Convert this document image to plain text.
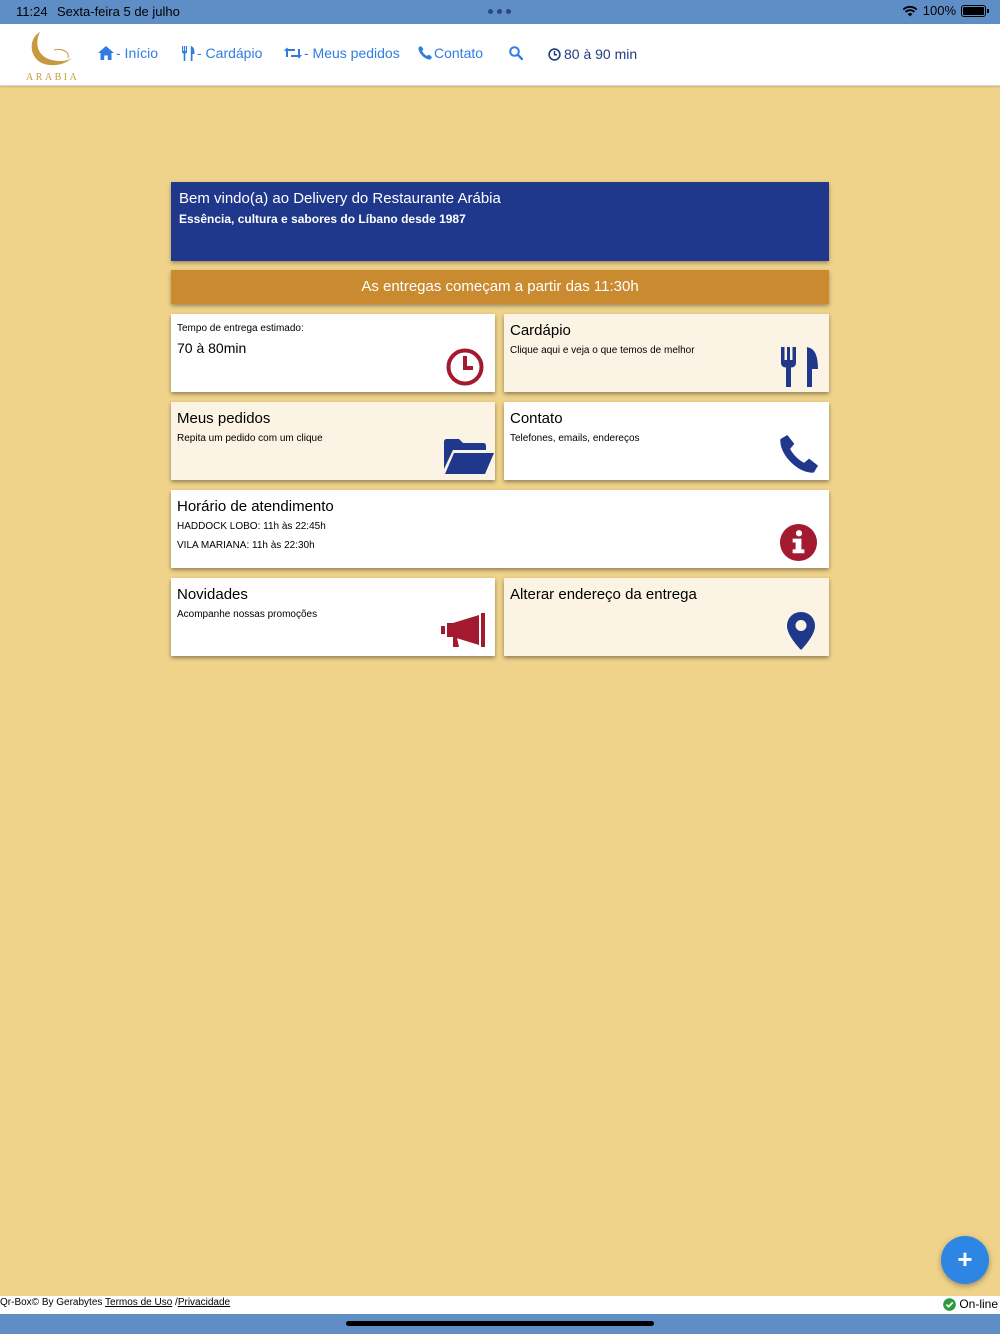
11:24 Sexta-feira 5 de julho	100%
ARABIA
- Início	- Cardápio	- Meus pedidos Contato	80 à 90 min
Bem vindo(a) ao Delivery do Restaurante Arábia
Essência, cultura e sabores do Líbano desde 1987
As entregas começam a partir das 11:30h
Tempo de entrega estimado:
70 à 80min
Cardápio
Clique aqui e veja o que temos de melhor
Meus pedidos
Repita um pedido com um clique
Contato
Telefones, emails, endereços
Horário de atendimento
HADDOCK LOBO: 11h às 22:45h
VILA MARIANA: 11h às 22:30h
Novidades
Acompanhe nossas promoções
Alterar endereço da entrega
+
Qr-Box© By Gerabytes Termos de Uso /Privacidade	On-line
